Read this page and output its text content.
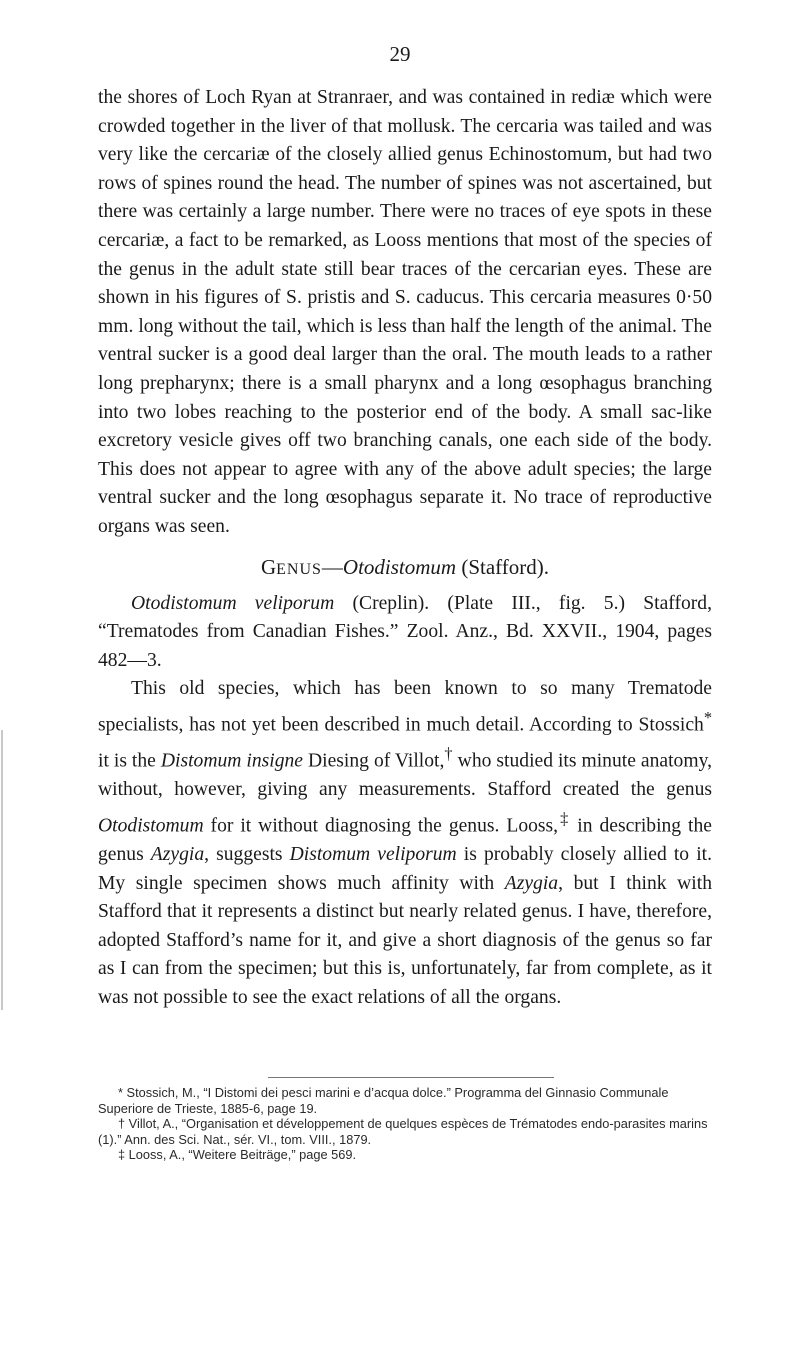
29

the shores of Loch Ryan at Stranraer, and was contained in rediæ which were crowded together in the liver of that mollusk. The cercaria was tailed and was very like the cercariæ of the closely allied genus Echinostomum, but had two rows of spines round the head. The number of spines was not ascertained, but there was certainly a large number. There were no traces of eye spots in these cercariæ, a fact to be remarked, as Looss mentions that most of the species of the genus in the adult state still bear traces of the cercarian eyes. These are shown in his figures of S. pristis and S. caducus. This cercaria measures 0·50 mm. long without the tail, which is less than half the length of the animal. The ventral sucker is a good deal larger than the oral. The mouth leads to a rather long prepharynx; there is a small pharynx and a long œsophagus branching into two lobes reaching to the posterior end of the body. A small sac-like excretory vesicle gives off two branching canals, one each side of the body. This does not appear to agree with any of the above adult species; the large ventral sucker and the long œsophagus separate it. No trace of reproductive organs was seen.

GENUS—Otodistomum (Stafford).

Otodistomum veliporum (Creplin). (Plate III., fig. 5.) Stafford, “Trematodes from Canadian Fishes.” Zool. Anz., Bd. XXVII., 1904, pages 482—3.

This old species, which has been known to so many Trematode specialists, has not yet been described in much detail. According to Stossich* it is the Distomum insigne Diesing of Villot,† who studied its minute anatomy, without, however, giving any measurements. Stafford created the genus Otodistomum for it without diagnosing the genus. Looss,‡ in describing the genus Azygia, suggests Distomum veliporum is probably closely allied to it. My single specimen shows much affinity with Azygia, but I think with Stafford that it represents a distinct but nearly related genus. I have, therefore, adopted Stafford’s name for it, and give a short diagnosis of the genus so far as I can from the specimen; but this is, unfortunately, far from complete, as it was not possible to see the exact relations of all the organs.

* Stossich, M., “I Distomi dei pesci marini e d’acqua dolce.” Programma del Ginnasio Communale Superiore de Trieste, 1885-6, page 19.

† Villot, A., “Organisation et développement de quelques espèces de Trématodes endo-parasites marins (1).” Ann. des Sci. Nat., sér. VI., tom. VIII., 1879.

‡ Looss, A., “Weitere Beiträge,” page 569.
